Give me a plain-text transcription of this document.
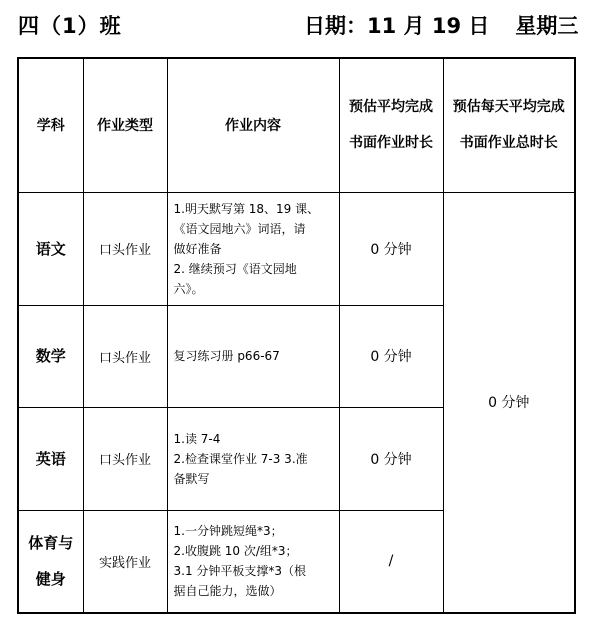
四（1）班	日期：11 月 19 日 星期三
学科	作业类型	作业内容	预估平均完成书面作业时长	预估每天平均完成书面作业总时长
语文	口头作业	1.明天默写第 18、19 课、
《语文园地六》词语，请
做好准备
2. 继续预习《语文园地
六》。	0 分钟	0 分钟
数学	口头作业	复习练习册 p66-67	0 分钟	
英语	口头作业	1.读 7-4
2.检查课堂作业 7-3 3.准
备默写	0 分钟	
体育与健身	实践作业	1.一分钟跳短绳*3；
2.收腹跳 10 次/组*3；
3.1 分钟平板支撑*3（根
据自己能力，选做）	/	
